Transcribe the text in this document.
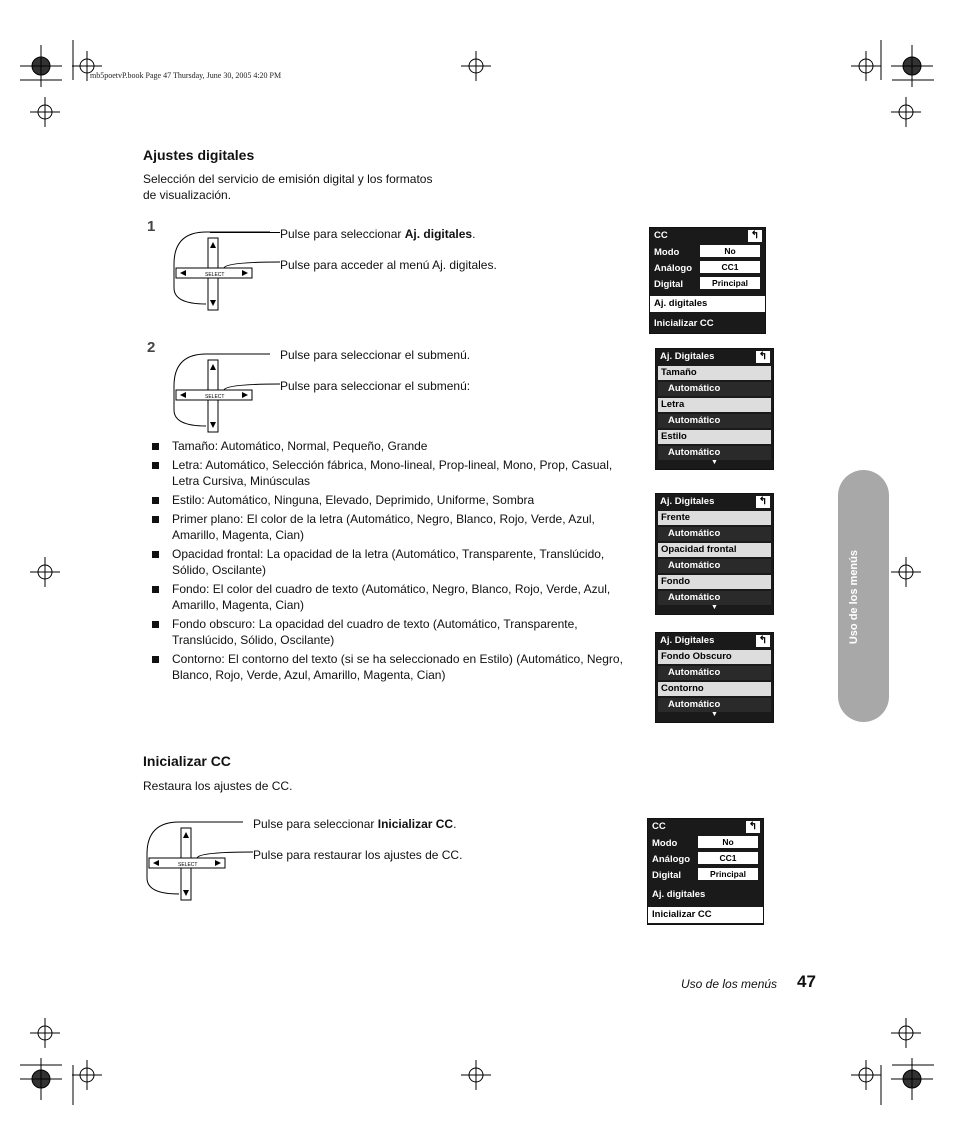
mb5poetvP.book Page 47 Thursday, June 30, 2005 4:20 PM
Ajustes digitales
Selección del servicio de emisión digital y los formatos
de visualización.
1
SELECT
Pulse para seleccionar Aj. digitales.
Pulse para acceder al menú Aj. digitales.
CC	↰
Modo	No
Análogo	CC1
Digital	Principal
Aj. digitales
Inicializar CC
2
SELECT
Pulse para seleccionar el submenú.
Pulse para seleccionar el submenú:
Aj. Digitales	↰
Tamaño
Automático
Letra
Automático
Estilo
Automático
▼
Tamaño: Automático, Normal, Pequeño, Grande
Letra: Automático, Selección fábrica, Mono-lineal, Prop-lineal, Mono, Prop, Casual, Letra Cursiva, Minúsculas
Estilo: Automático, Ninguna, Elevado, Deprimido, Uniforme, Sombra
Primer plano: El color de la letra (Automático, Negro, Blanco, Rojo, Verde, Azul, Amarillo, Magenta, Cian)
Opacidad frontal: La opacidad de la letra (Automático, Transparente, Translúcido, Sólido, Oscilante)
Fondo: El color del cuadro de texto (Automático, Negro, Blanco, Rojo, Verde, Azul, Amarillo, Magenta, Cian)
Fondo obscuro: La opacidad del cuadro de texto (Automático, Transparente, Translúcido, Sólido, Oscilante)
Contorno: El contorno del texto (si se ha seleccionado en Estilo) (Automático, Negro, Blanco, Rojo, Verde, Azul, Amarillo, Magenta, Cian)
Aj. Digitales	↰
Frente
Automático
Opacidad frontal
Automático
Fondo
Automático
▼
Aj. Digitales	↰
Fondo Obscuro
Automático
Contorno
Automático
▼
Uso de los menús
Inicializar CC
Restaura los ajustes de CC.
SELECT
Pulse para seleccionar Inicializar CC.
Pulse para restaurar los ajustes de CC.
CC	↰
Modo	No
Análogo	CC1
Digital	Principal
Aj. digitales
Inicializar CC
Uso de los menús 47
